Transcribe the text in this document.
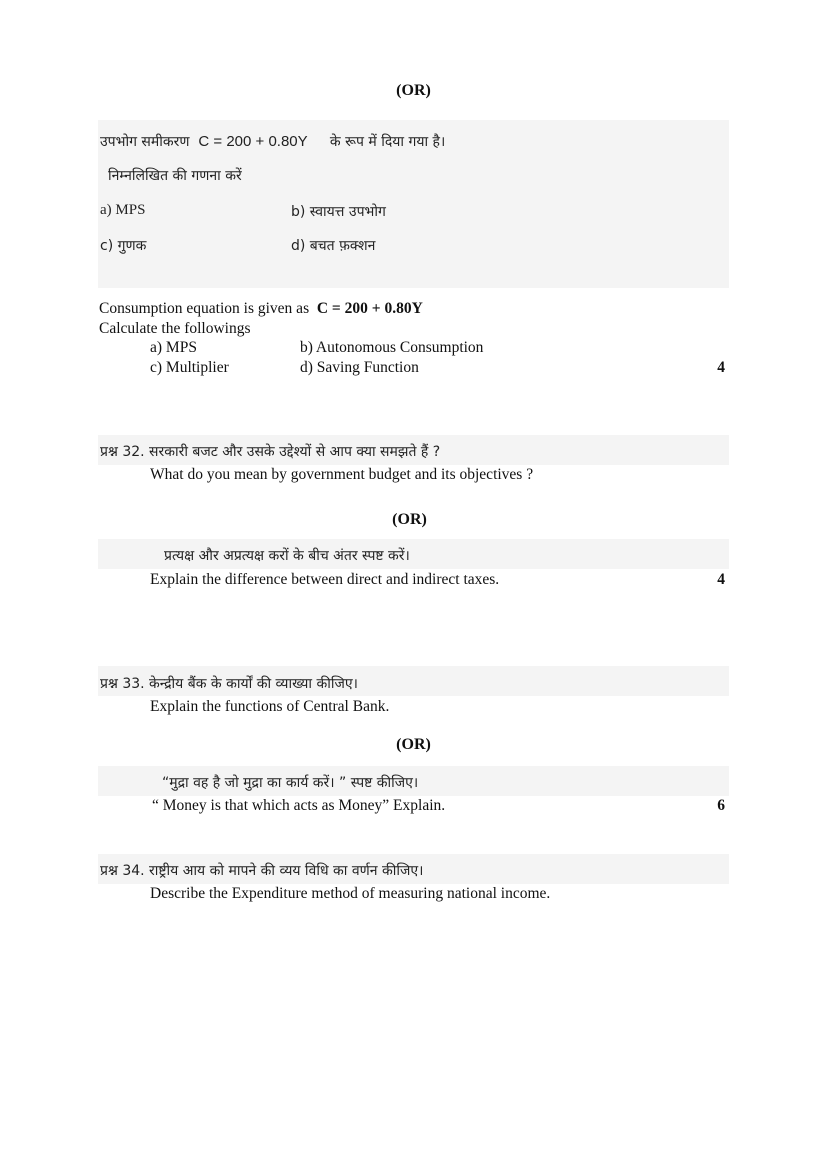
(OR)
उपभोग समीकरण C = 200 + 0.80Y के रूप में दिया गया है।
निम्नलिखित की गणना करें
a) MPS	b) स्वायत्त उपभोग
c) गुणक	d) बचत फ़क्शन
Consumption equation is given as C = 200 + 0.80Y
Calculate the followings
a) MPS	b) Autonomous Consumption
c) Multiplier	d) Saving Function	4
प्रश्न 32. सरकारी बजट और उसके उद्देश्यों से आप क्या समझते हैं ?
What do you mean by government budget and its objectives ?
(OR)
प्रत्यक्ष और अप्रत्यक्ष करों के बीच अंतर स्पष्ट करें।
Explain the difference between direct and indirect taxes.	4
प्रश्न 33. केन्द्रीय बैंक के कार्यों की व्याख्या कीजिए।
Explain the functions of Central Bank.
(OR)
“मुद्रा वह है जो मुद्रा का कार्य करें। ” स्पष्ट कीजिए।
“ Money is that which acts as Money” Explain.	6
प्रश्न 34. राष्ट्रीय आय को मापने की व्यय विधि का वर्णन कीजिए।
Describe the Expenditure method of measuring national income.
